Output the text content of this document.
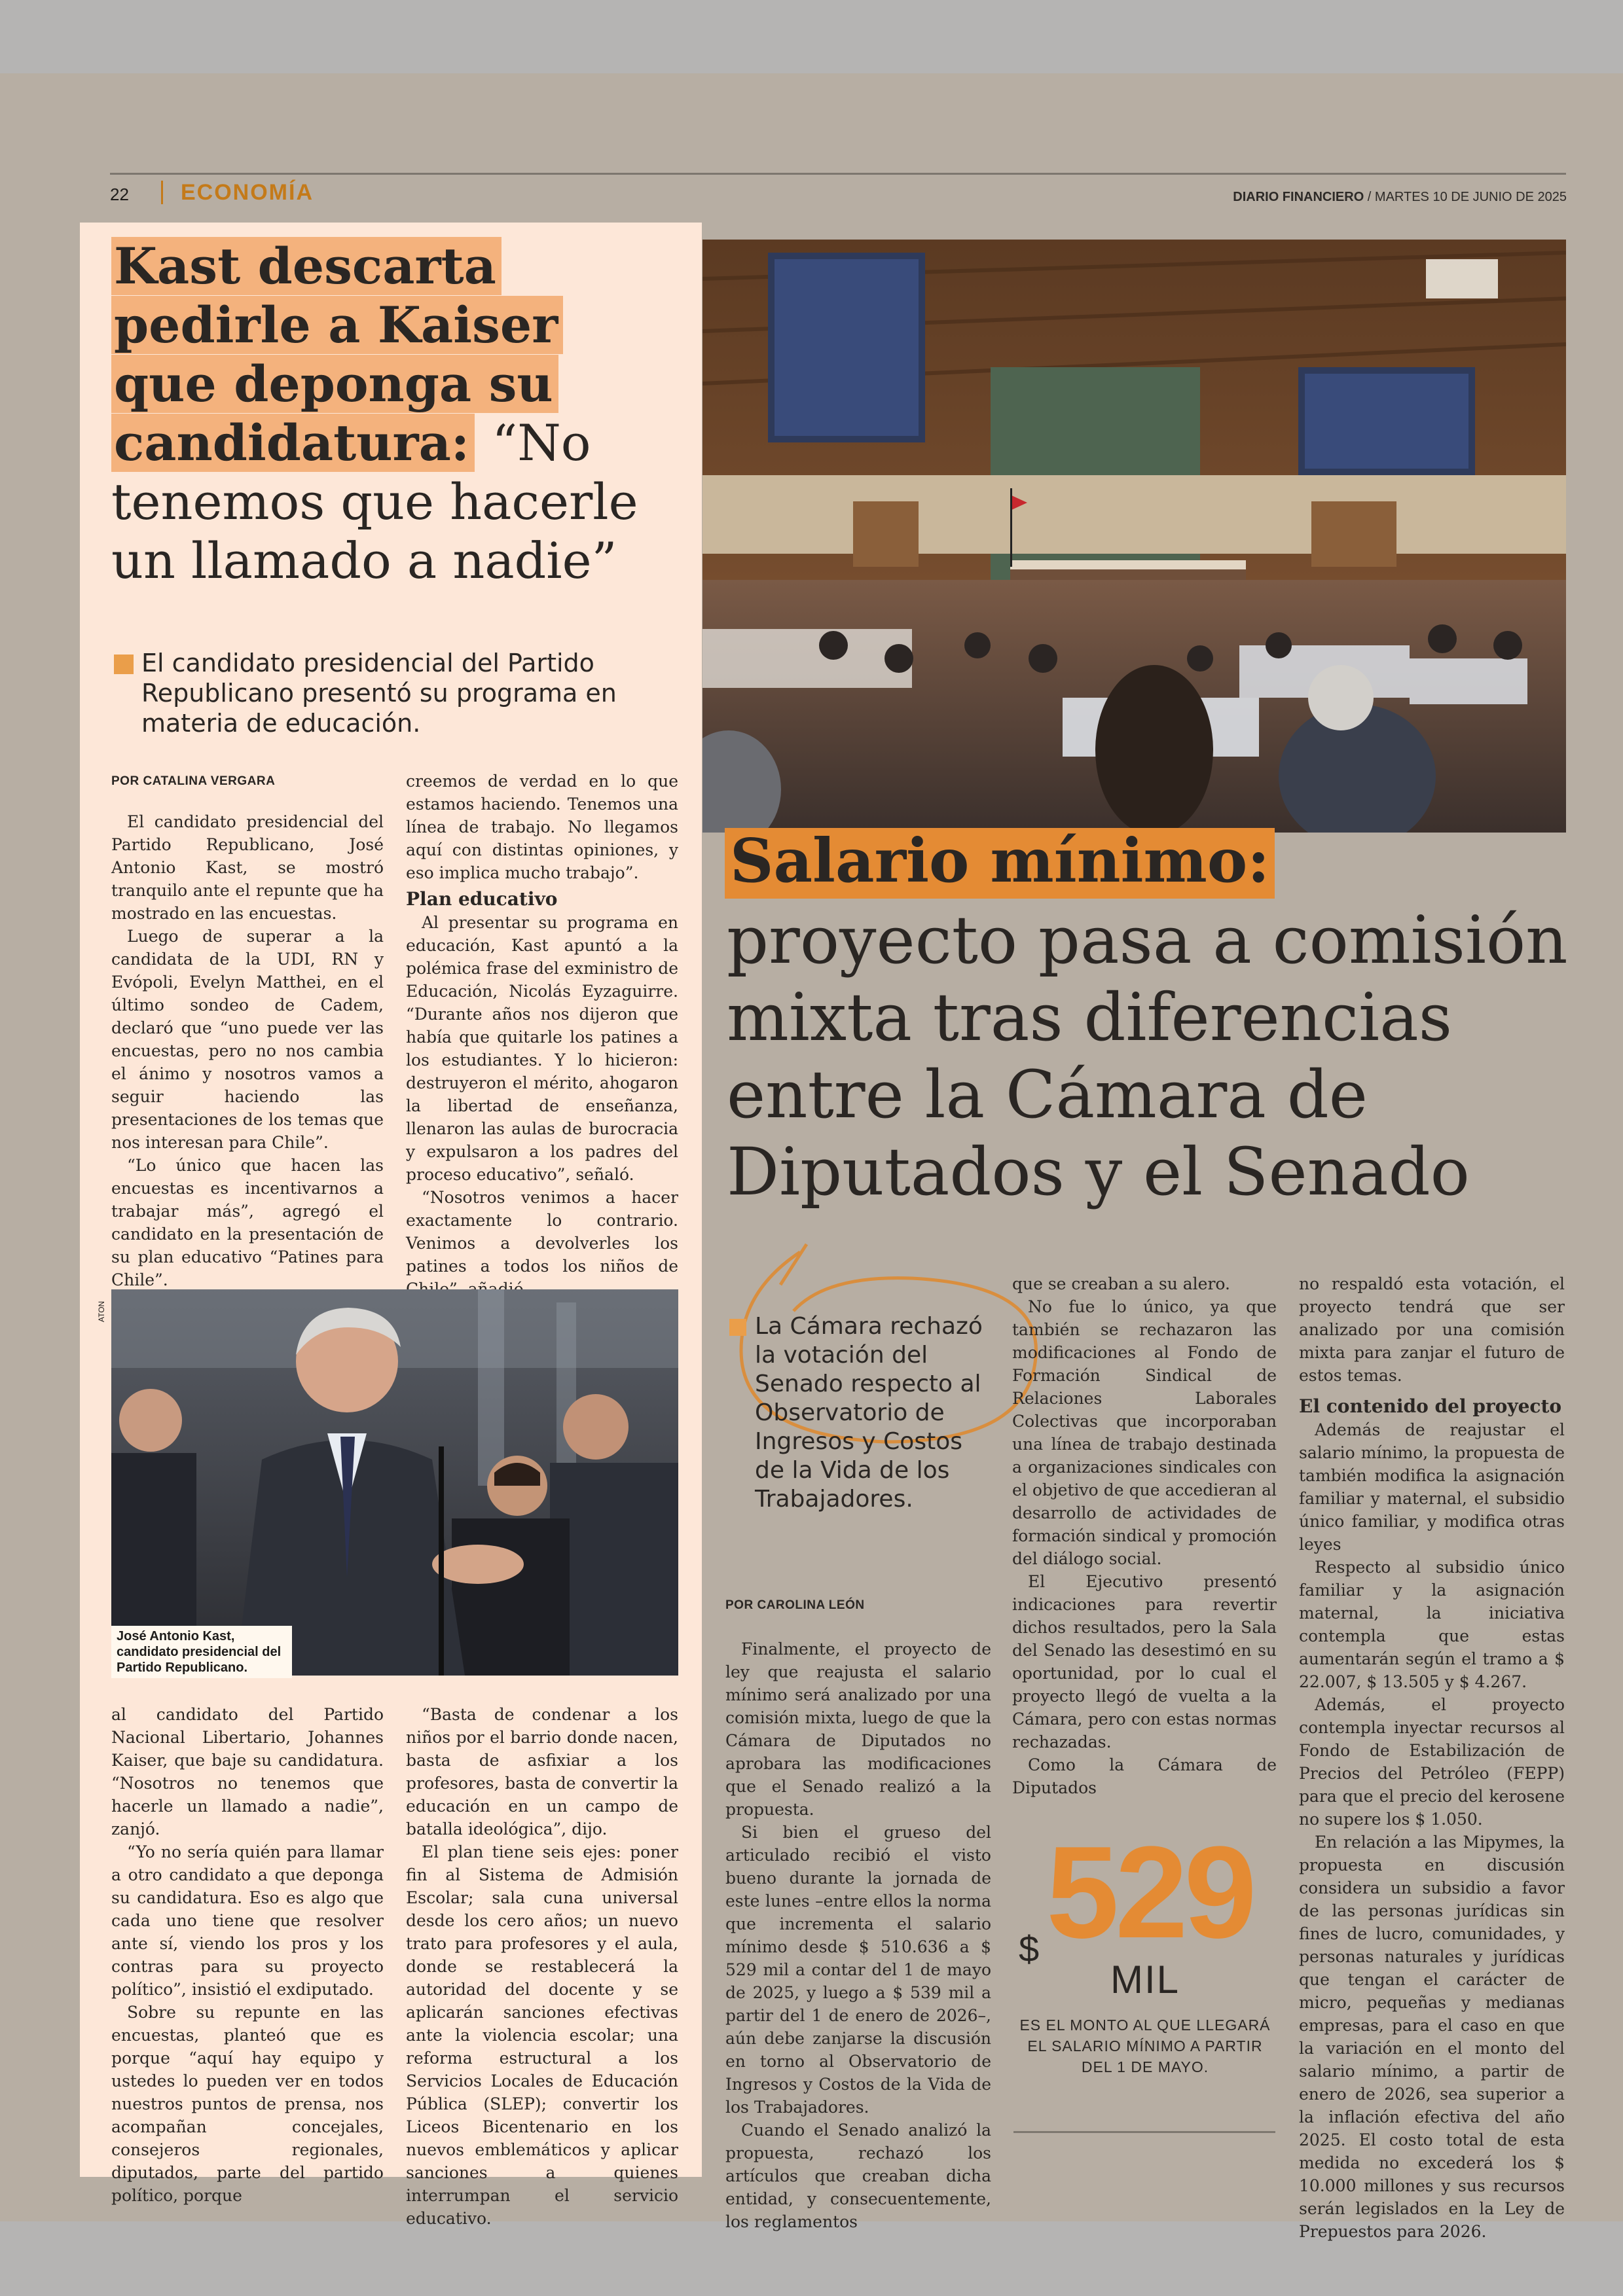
22 ECONOMÍA	DIARIO FINANCIERO / MARTES 10 DE JUNIO DE 2025
Kast descarta
pedirle a Kaiser
que deponga su
candidatura: “No
tenemos que hacerle
un llamado a nadie”
El candidato presidencial del Partido Republicano presentó su programa en materia de educación.
POR CATALINA VERGARA

El candidato presidencial del Partido Republicano, José Antonio Kast, se mostró tranquilo ante el repunte que ha mostrado en las encuestas.

Luego de superar a la candidata de la UDI, RN y Evópoli, Evelyn Matthei, en el último sondeo de Cadem, declaró que “uno puede ver las encuestas, pero no nos cambia el ánimo y nosotros vamos a seguir haciendo las presentaciones de los temas que nos interesan para Chile”.

“Lo único que hacen las encuestas es incentivarnos a trabajar más”, agregó el candidato en la presentación de su plan educativo “Patines para Chile”.

creemos de verdad en lo que estamos haciendo. Tenemos una línea de trabajo. No llegamos aquí con distintas opiniones, y eso implica mucho trabajo”.

Plan educativo

Al presentar su programa en educación, Kast apuntó a la polémica frase del exministro de Educación, Nicolás Eyzaguirre. “Durante años nos dijeron que había que quitarle los patines a los estudiantes. Y lo hicieron: destruyeron el mérito, ahogaron la libertad de enseñanza, llenaron las aulas de burocracia y expulsaron a los padres del proceso educativo”, señaló.

“Nosotros venimos a hacer exactamente lo contrario. Venimos a devolverles los patines a todos los niños de

ATON
José Antonio Kast, candidato presidencial del Partido Republicano.

al candidato del Partido Nacional Libertario, Johannes Kaiser, que baje su candidatura. “Nosotros no tenemos que hacerle un llamado a nadie”, zanjó.

“Yo no sería quién para llamar a otro candidato a que deponga su candidatura. Eso es algo que cada uno tiene que resolver ante sí, viendo los pros y los contras para su proyecto político”, insistió el exdiputado.

Sobre su repunte en las encuestas, planteó que es porque “aquí hay equipo y ustedes lo pueden ver en todos nuestros puntos de prensa, nos acompañan concejales, consejeros regionales, diputados, parte del partido político, porque

“Basta de condenar a los niños por el barrio donde nacen, basta de asfixiar a los profesores, basta de convertir la educación en un campo de batalla ideológica”, dijo.

El plan tiene seis ejes: poner fin al Sistema de Admisión Escolar; sala cuna universal desde los cero años; un nuevo trato para profesores y el aula, donde se restablecerá la autoridad del docente y se aplicarán sanciones efectivas ante la violencia escolar; una reforma estructural a los Servicios Locales de Educación Pública (SLEP); convertir los Liceos Bicentenario en los nuevos emblemáticos y aplicar sanciones a quienes interrumpan el servicio educativo.

Salario mínimo:
proyecto pasa a comisión mixta tras diferencias entre la Cámara de Diputados y el Senado
La Cámara rechazó la votación del Senado respecto al Observatorio de Ingresos y Costos de la Vida de los Trabajadores.
POR CAROLINA LEÓN

Finalmente, el proyecto de ley que reajusta el salario mínimo será analizado por una comisión mixta, luego de que la Cámara de Diputados no aprobara las modificaciones que el Senado realizó a la propuesta.

Si bien el grueso del articulado recibió el visto bueno durante la jornada de este lunes –entre ellos la norma que incrementa el salario mínimo desde $ 510.636 a $ 529 mil a contar del 1 de mayo de 2025, y luego a $ 539 mil a partir del 1 de enero de 2026–, aún debe zanjarse la discusión en torno al Observatorio de Ingresos y Costos de la Vida de los Trabajadores.

Cuando el Senado analizó la propuesta, rechazó los artículos que creaban dicha entidad, y consecuentemente, los reglamentos

que se creaban a su alero.

No fue lo único, ya que también se rechazaron las modificaciones al Fondo de Formación Sindical de Relaciones Laborales Colectivas que incorporaban una línea de trabajo destinada a organizaciones sindicales con el objetivo de que accedieran al desarrollo de actividades de formación sindical y promoción del diálogo social.

El Ejecutivo presentó indicaciones para revertir dichos resultados, pero la Sala del Senado las desestimó en su oportunidad, por lo cual el proyecto llegó de vuelta a la Cámara, pero con estas normas rechazadas.

Como la Cámara de Diputados

no respaldó esta votación, el proyecto tendrá que ser analizado por una comisión mixta para zanjar el futuro de estos temas.

El contenido del proyecto

Además de reajustar el salario mínimo, la propuesta de también modifica la asignación familiar y maternal, el subsidio único familiar, y modifica otras leyes

Respecto al subsidio único familiar y la asignación maternal, la iniciativa contempla que estas aumentarán según el tramo a $ 22.007, $ 13.505 y $ 4.267.

Además, el proyecto contempla inyectar recursos al Fondo de Estabilización de Precios del Petróleo (FEPP) para que el precio del kerosene no supere los $ 1.050.

En relación a las Mipymes, la propuesta en discusión considera un subsidio a favor de las personas jurídicas sin fines de lucro, comunidades, y personas naturales y jurídicas que tengan el carácter de micro, pequeñas y medianas empresas, para el caso en que la variación en el monto del salario mínimo, a partir de enero de 2026, sea superior a la inflación efectiva del año 2025. El costo total de esta medida no excederá los $ 10.000 millones y sus recursos serán legislados en la Ley de Prepuestos para 2026.

$ 529
MIL
ES EL MONTO AL QUE LLEGARÁ EL SALARIO MÍNIMO A PARTIR DEL 1 DE MAYO.
